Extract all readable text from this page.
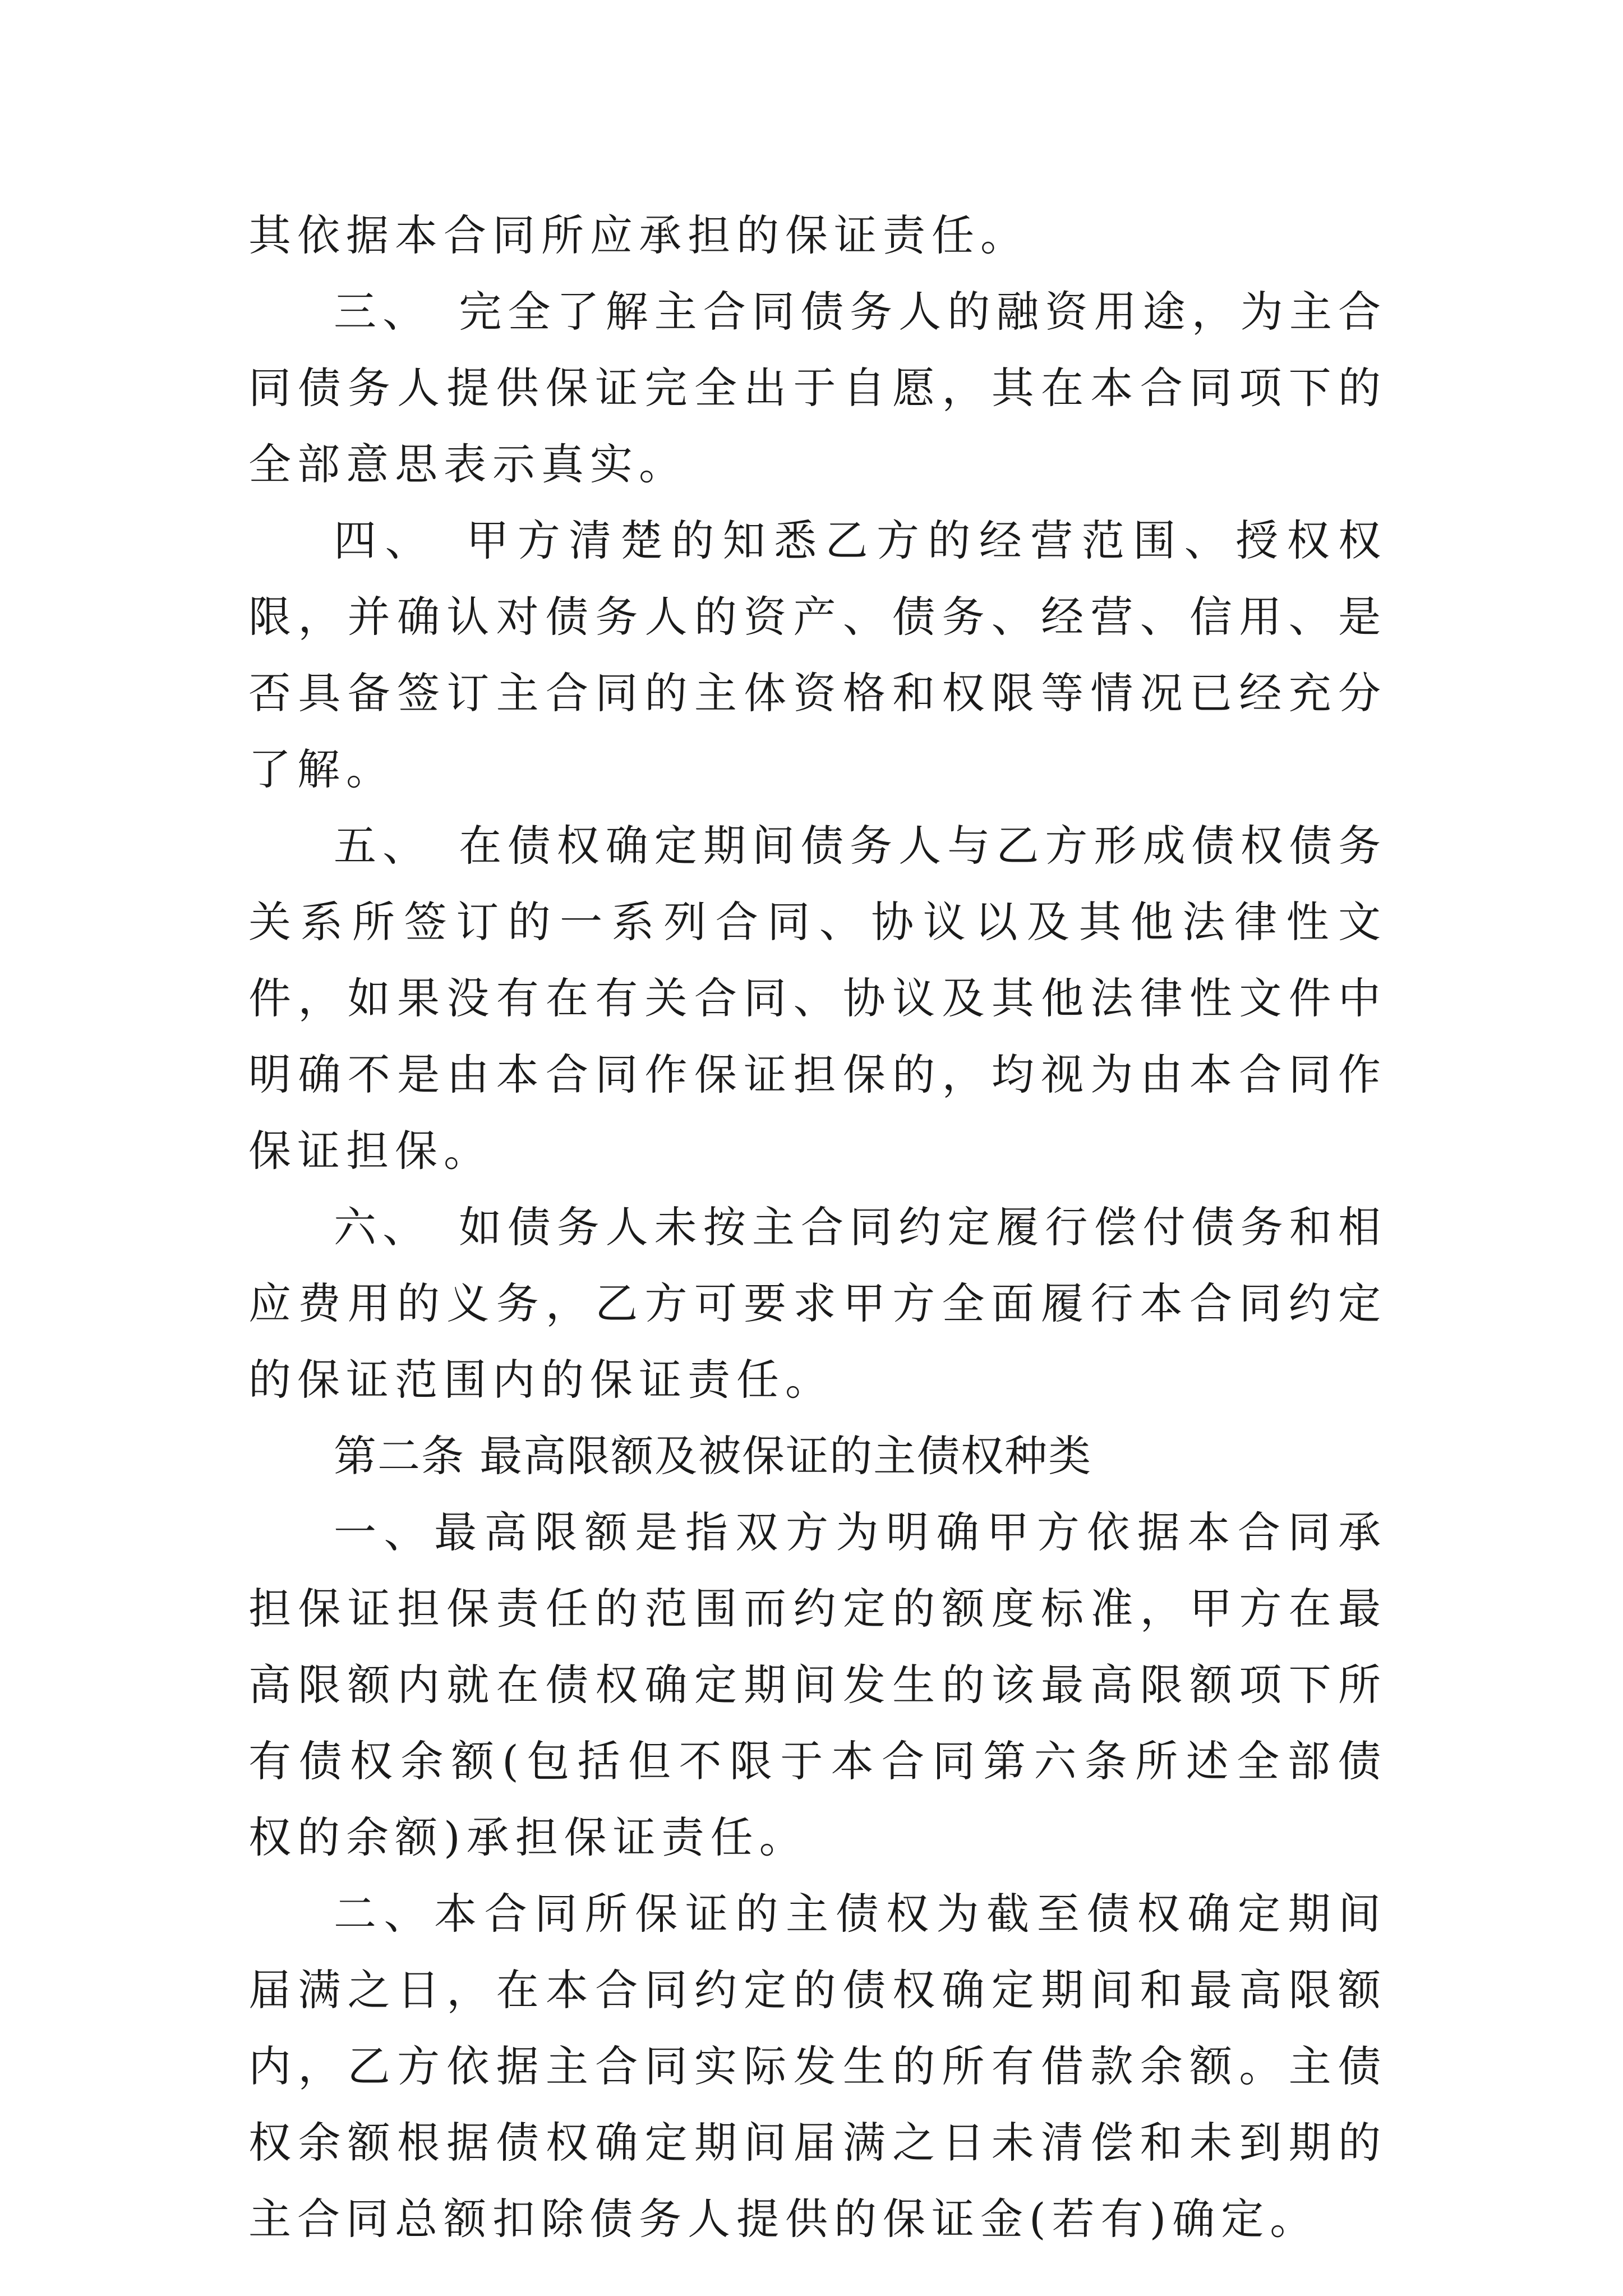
其依据本合同所应承担的保证责任。

三、　完全了解主合同债务人的融资用途，为主合同债务人提供保证完全出于自愿，其在本合同项下的全部意思表示真实。

四、　甲方清楚的知悉乙方的经营范围、授权权限，并确认对债务人的资产、债务、经营、信用、是否具备签订主合同的主体资格和权限等情况已经充分了解。

五、　在债权确定期间债务人与乙方形成债权债务关系所签订的一系列合同、协议以及其他法律性文件，如果没有在有关合同、协议及其他法律性文件中明确不是由本合同作保证担保的，均视为由本合同作保证担保。

六、　如债务人未按主合同约定履行偿付债务和相应费用的义务，乙方可要求甲方全面履行本合同约定的保证范围内的保证责任。

第二条 最高限额及被保证的主债权种类

一、最高限额是指双方为明确甲方依据本合同承担保证担保责任的范围而约定的额度标准，甲方在最高限额内就在债权确定期间发生的该最高限额项下所有债权余额(包括但不限于本合同第六条所述全部债权的余额)承担保证责任。

二、本合同所保证的主债权为截至债权确定期间届满之日，在本合同约定的债权确定期间和最高限额内，乙方依据主合同实际发生的所有借款余额。主债权余额根据债权确定期间届满之日未清偿和未到期的主合同总额扣除债务人提供的保证金(若有)确定。
